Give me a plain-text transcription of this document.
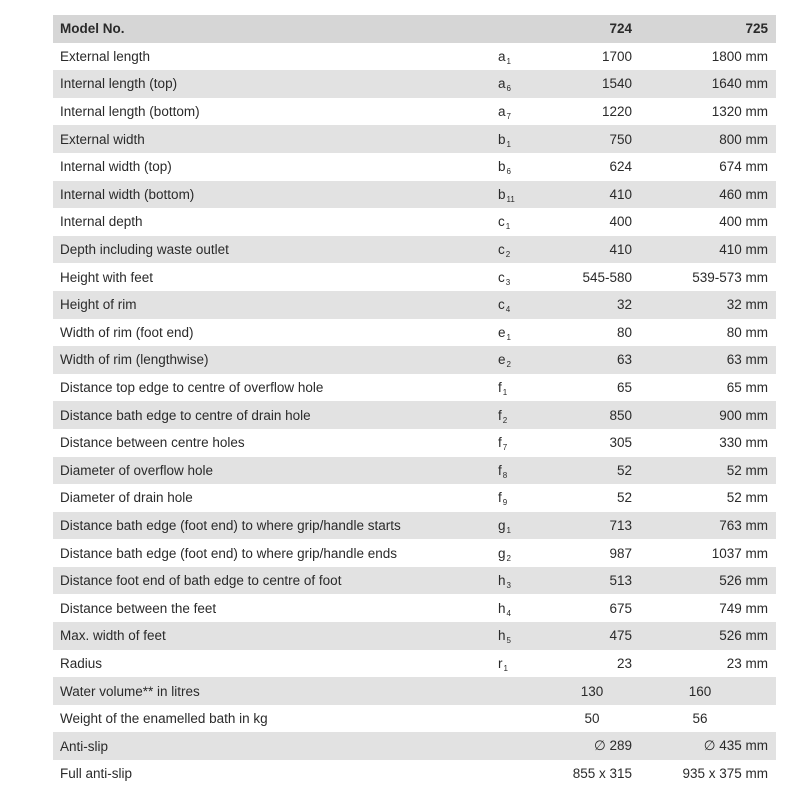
Model No.		724	725
External length	$a_1$	1700	1800 mm
Internal length (top)	$a_6$	1540	1640 mm
Internal length (bottom)	$a_7$	1220	1320 mm
External width	$b_1$	750	800 mm
Internal width (top)	$b_6$	624	674 mm
Internal width (bottom)	$b_{11}$	410	460 mm
Internal depth	$c_1$	400	400 mm
Depth including waste outlet	$c_2$	410	410 mm
Height with feet	$c_3$	545-580	539-573 mm
Height of rim	$c_4$	32	32 mm
Width of rim (foot end)	$e_1$	80	80 mm
Width of rim (lengthwise)	$e_2$	63	63 mm
Distance top edge to centre of overflow hole	$f_1$	65	65 mm
Distance bath edge to centre of drain hole	$f_2$	850	900 mm
Distance between centre holes	$f_7$	305	330 mm
Diameter of overflow hole	$f_8$	52	52 mm
Diameter of drain hole	$f_9$	52	52 mm
Distance bath edge (foot end) to where grip/handle starts	$g_1$	713	763 mm
Distance bath edge (foot end) to where grip/handle ends	$g_2$	987	1037 mm
Distance foot end of bath edge to centre of foot	$h_3$	513	526 mm
Distance between the feet	$h_4$	675	749 mm
Max. width of feet	$h_5$	475	526 mm
Radius	$r_1$	23	23 mm
Water volume** in litres		130	160
Weight of the enamelled bath in kg		50	56
Anti-slip		∅ 289	∅ 435 mm
Full anti-slip		855 x 315	935 x 375 mm
